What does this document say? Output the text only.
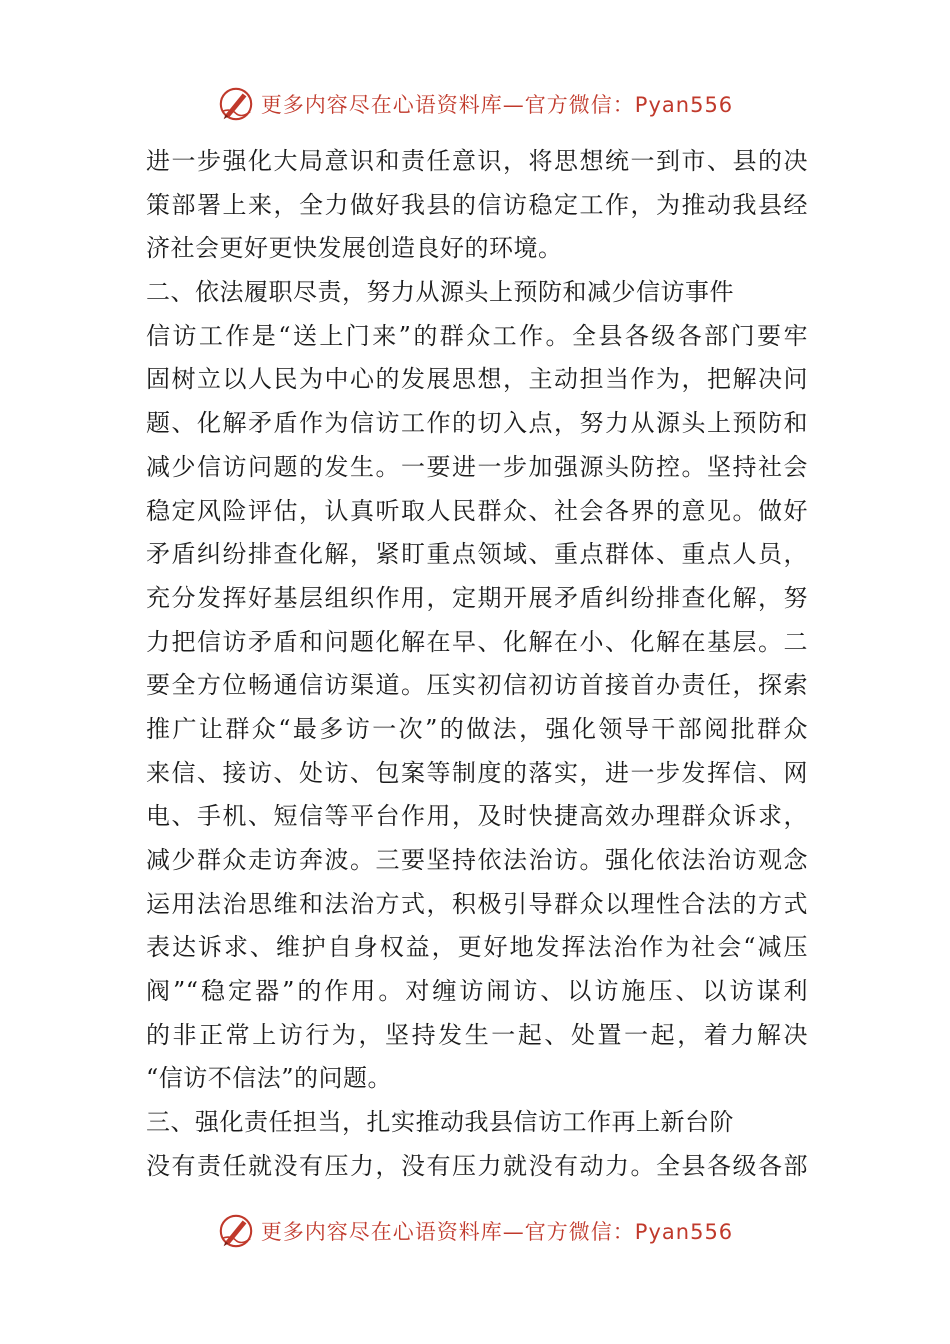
更多内容尽在心语资料库—官方微信：Pyan556
进一步强化大局意识和责任意识，将思想统一到市、县的决
策部署上来，全力做好我县的信访稳定工作，为推动我县经
济社会更好更快发展创造良好的环境。
二、依法履职尽责，努力从源头上预防和减少信访事件
信访工作是“送上门来”的群众工作。全县各级各部门要牢
固树立以人民为中心的发展思想，主动担当作为，把解决问
题、化解矛盾作为信访工作的切入点，努力从源头上预防和
减少信访问题的发生。一要进一步加强源头防控。坚持社会
稳定风险评估，认真听取人民群众、社会各界的意见。做好
矛盾纠纷排查化解，紧盯重点领域、重点群体、重点人员，
充分发挥好基层组织作用，定期开展矛盾纠纷排查化解，努
力把信访矛盾和问题化解在早、化解在小、化解在基层。二
要全方位畅通信访渠道。压实初信初访首接首办责任，探索
推广让群众“最多访一次”的做法，强化领导干部阅批群众
来信、接访、处访、包案等制度的落实，进一步发挥信、网
电、手机、短信等平台作用，及时快捷高效办理群众诉求，
减少群众走访奔波。三要坚持依法治访。强化依法治访观念
运用法治思维和法治方式，积极引导群众以理性合法的方式
表达诉求、维护自身权益，更好地发挥法治作为社会“减压
阀”“稳定器”的作用。对缠访闹访、以访施压、以访谋利
的非正常上访行为，坚持发生一起、处置一起，着力解决
“信访不信法”的问题。
三、强化责任担当，扎实推动我县信访工作再上新台阶
没有责任就没有压力，没有压力就没有动力。全县各级各部
更多内容尽在心语资料库—官方微信：Pyan556
